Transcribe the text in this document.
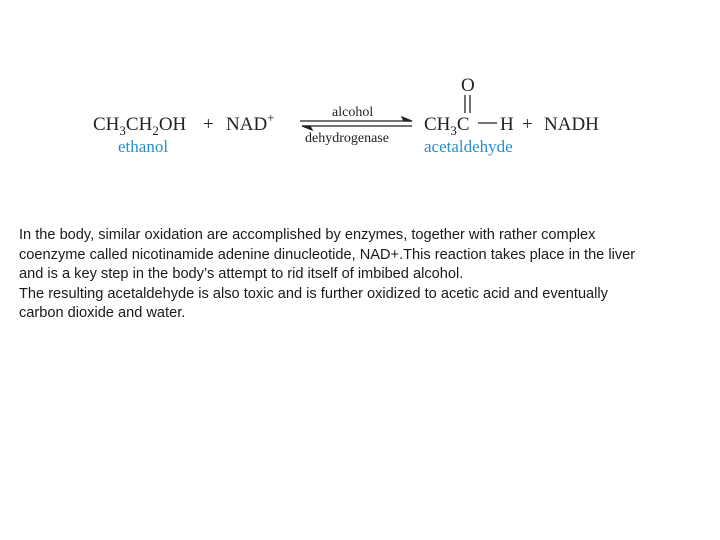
$CH_3CH_2OH + NAD^+$	alcohol
dehydrogenase
$CH_3C$
O
H + NADH
ethanol	acetaldehyde

In the body, similar oxidation are accomplished by enzymes, together with rather complex
coenzyme called nicotinamide adenine dinucleotide, NAD+.This reaction takes place in the liver
and is a key step in the body’s attempt to rid itself of imbibed alcohol.
The resulting acetaldehyde is also toxic and is further oxidized to acetic acid and eventually
carbon dioxide and water.
